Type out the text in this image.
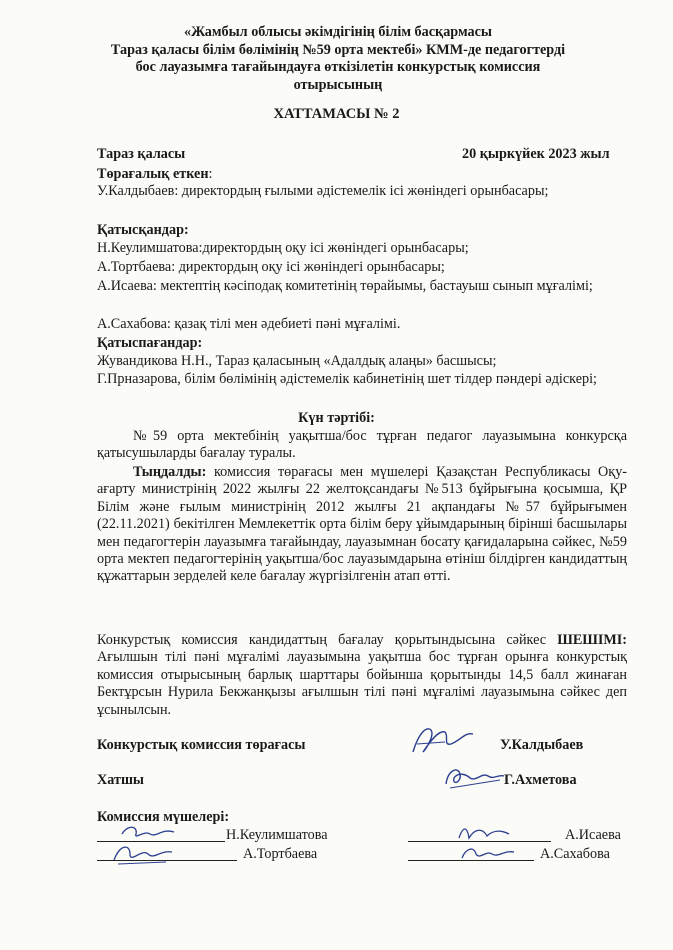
«Жамбыл облысы әкімдігінің білім басқармасы
Тараз қаласы білім бөлімінің №59 орта мектебі» КММ-де педагогтерді
бос лауазымға тағайындауға өткізілетін конкурстық комиссия
отырысының
ХАТТАМАСЫ № 2
Тараз қаласы	20 қыркүйек 2023 жыл
Төрағалық еткен:
У.Калдыбаев: директордың ғылыми әдістемелік ісі жөніндегі орынбасары;
Қатысқандар:
Н.Кеулимшатова:директордың оқу ісі жөніндегі орынбасары;
А.Тортбаева: директордың оқу ісі жөніндегі орынбасары;
А.Исаева: мектептің кәсіподақ комитетінің төрайымы, бастауыш сынып мұғалімі;
А.Сахабова: қазақ тілі мен әдебиеті пәні мұғалімі.
Қатыспағандар:
Жувандикова Н.Н., Тараз қаласының «Адалдық алаңы» басшысы;
Г.Прназарова, білім бөлімінің әдістемелік кабинетінің шет тілдер пәндері әдіскері;
Күн тәртібі:
№59 орта мектебінің уақытша/бос тұрған педагог лауазымына конкурсқа қатысушыларды бағалау туралы.
Тыңдалды: комиссия төрағасы мен мүшелері Қазақстан Республикасы Оқу-ағарту министрінің 2022 жылғы 22 желтоқсандағы №513 бұйрығына қосымша, ҚР Білім және ғылым министрінің 2012 жылғы 21 ақпандағы №57 бұйрығымен (22.11.2021) бекітілген Мемлекеттік орта білім беру ұйымдарының бірінші басшылары мен педагогтерін лауазымға тағайындау, лауазымнан босату қағидаларына сәйкес, №59 орта мектеп педагогтерінің уақытша/бос лауазымдарына өтініш білдірген кандидаттың құжаттарын зерделей келе бағалау жүргізілгенін атап өтті.
Конкурстық комиссия кандидаттың бағалау қорытындысына сәйкес ШЕШІМІ: Ағылшын тілі пәні мұғалімі лауазымына уақытша бос тұрған орынға конкурстық комиссия отырысының барлық шарттары бойынша қорытынды 14,5 балл жинаған Бектұрсын Нурила Бекжанқызы ағылшын тілі пәні мұғалімі лауазымына сәйкес деп ұсынылсын.
Конкурстық комиссия төрағасы	У.Калдыбаев
Хатшы	Г.Ахметова
Комиссия мүшелері:
Н.Кеулимшатова	А.Исаева
А.Тортбаева	А.Сахабова
